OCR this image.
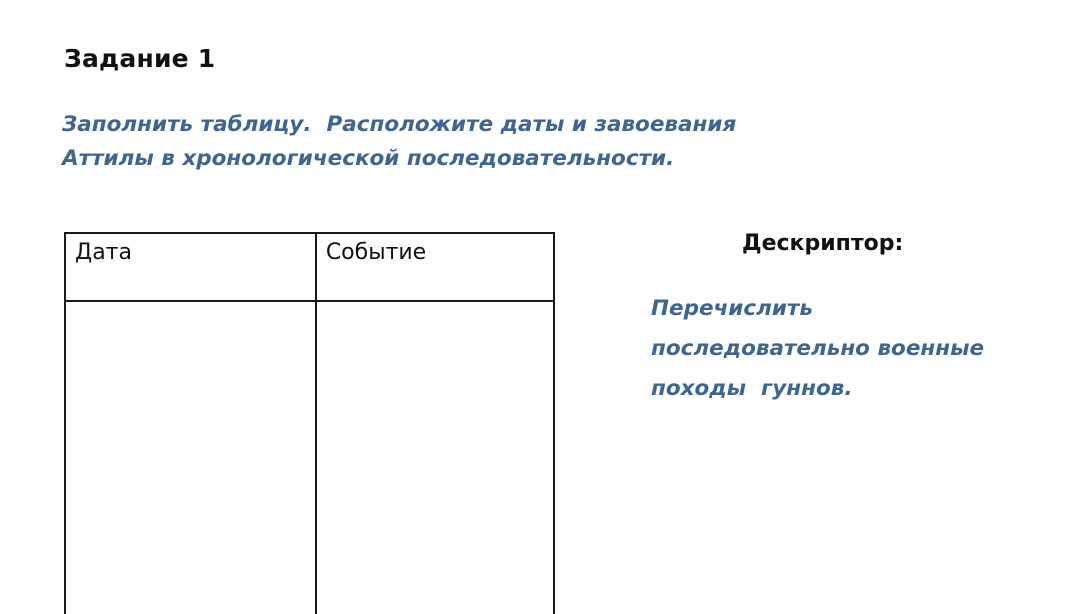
Задание 1
Заполнить таблицу.  Расположите даты и завоевания
Аттилы в хронологической последовательности.
Дата	Событие

		Дескриптор:
Перечислить
последовательно военные
походы  гуннов.
